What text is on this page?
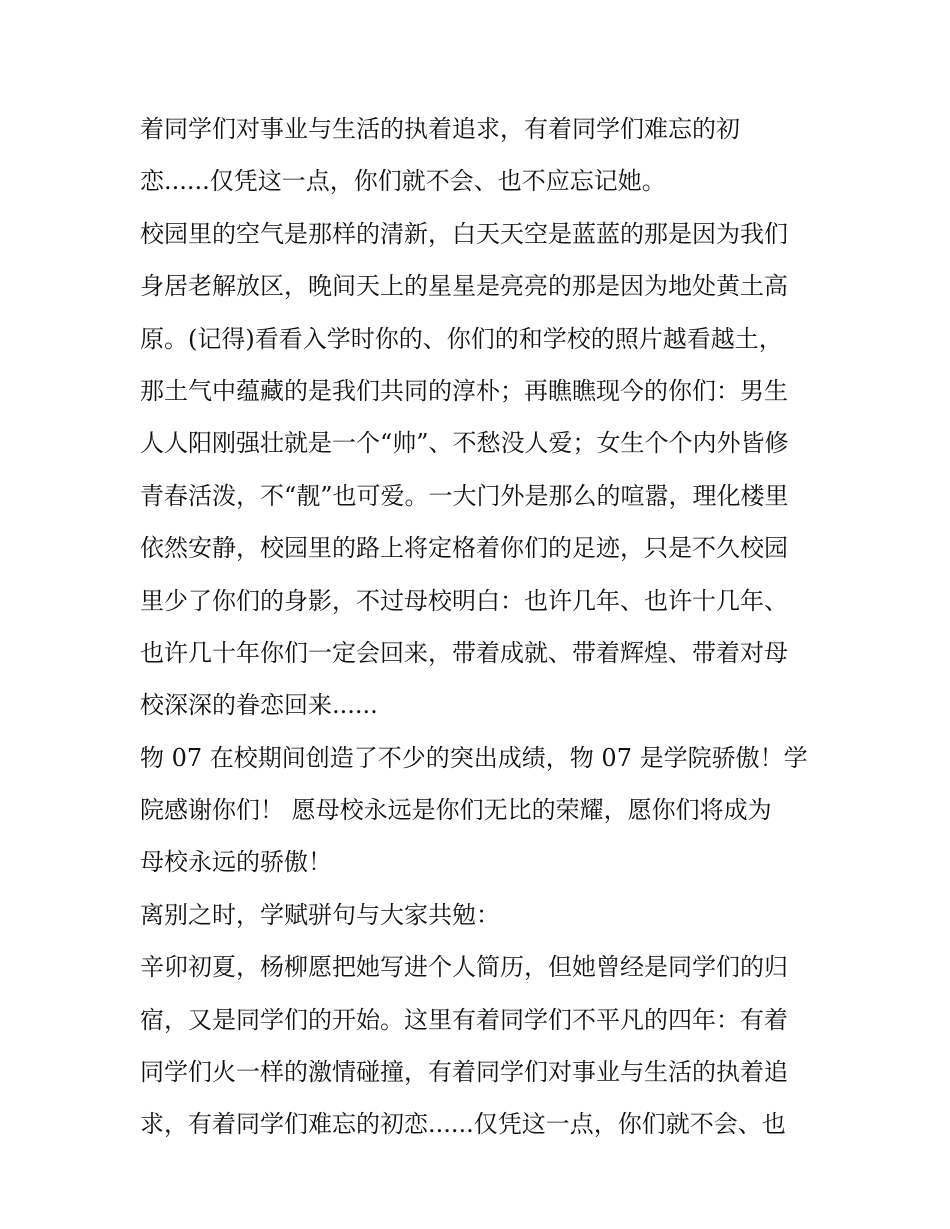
着同学们对事业与生活的执着追求，有着同学们难忘的初
恋......仅凭这一点，你们就不会、也不应忘记她。
校园里的空气是那样的清新，白天天空是蓝蓝的那是因为我们
身居老解放区，晚间天上的星星是亮亮的那是因为地处黄土高
原。(记得)看看入学时你的、你们的和学校的照片越看越土，
那土气中蕴藏的是我们共同的淳朴；再瞧瞧现今的你们：男生
人人阳刚强壮就是一个“帅”、不愁没人爱；女生个个内外皆修
青春活泼，不“靓”也可爱。一大门外是那么的喧嚣，理化楼里
依然安静，校园里的路上将定格着你们的足迹，只是不久校园
里少了你们的身影，不过母校明白：也许几年、也许十几年、
也许几十年你们一定会回来，带着成就、带着辉煌、带着对母
校深深的眷恋回来......
物 07 在校期间创造了不少的突出成绩，物 07 是学院骄傲！学
院感谢你们！ 愿母校永远是你们无比的荣耀，愿你们将成为
母校永远的骄傲！
离别之时，学赋骈句与大家共勉：
辛卯初夏，杨柳愿把她写进个人简历，但她曾经是同学们的归
宿，又是同学们的开始。这里有着同学们不平凡的四年：有着
同学们火一样的激情碰撞，有着同学们对事业与生活的执着追
求，有着同学们难忘的初恋......仅凭这一点，你们就不会、也
